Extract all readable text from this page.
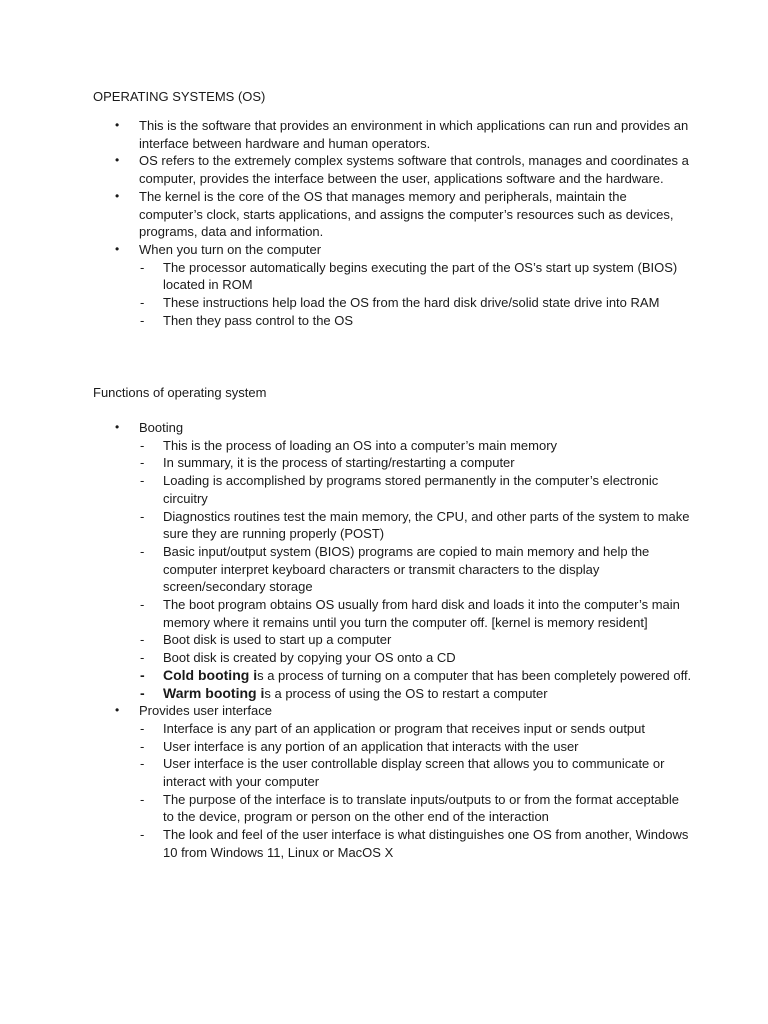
OPERATING SYSTEMS (OS)
• This is the software that provides an environment in which applications can run and provides an interface between hardware and human operators.
• OS refers to the extremely complex systems software that controls, manages and coordinates a computer, provides the interface between the user, applications software and the hardware.
• The kernel is the core of the OS that manages memory and peripherals, maintain the computer’s clock, starts applications, and assigns the computer’s resources such as devices, programs, data and information.
• When you turn on the computer
- The processor automatically begins executing the part of the OS’s start up system (BIOS) located in ROM
- These instructions help load the OS from the hard disk drive/solid state drive into RAM
- Then they pass control to the OS
Functions of operating system
• Booting
- This is the process of loading an OS into a computer’s main memory
- In summary, it is the process of starting/restarting a computer
- Loading is accomplished by programs stored permanently in the computer’s electronic circuitry
- Diagnostics routines test the main memory, the CPU, and other parts of the system to make sure they are running properly (POST)
- Basic input/output system (BIOS) programs are copied to main memory and help the computer interpret keyboard characters or transmit characters to the display screen/secondary storage
- The boot program obtains OS usually from hard disk and loads it into the computer’s main memory where it remains until you turn the computer off. [kernel is memory resident]
- Boot disk is used to start up a computer
- Boot disk is created by copying your OS onto a CD
- Cold booting is a process of turning on a computer that has been completely powered off.
- Warm booting is a process of using the OS to restart a computer
• Provides user interface
- Interface is any part of an application or program that receives input or sends output
- User interface is any portion of an application that interacts with the user
- User interface is the user controllable display screen that allows you to communicate or interact with your computer
- The purpose of the interface is to translate inputs/outputs to or from the format acceptable to the device, program or person on the other end of the interaction
- The look and feel of the user interface is what distinguishes one OS from another, Windows 10 from Windows 11, Linux or MacOS X
